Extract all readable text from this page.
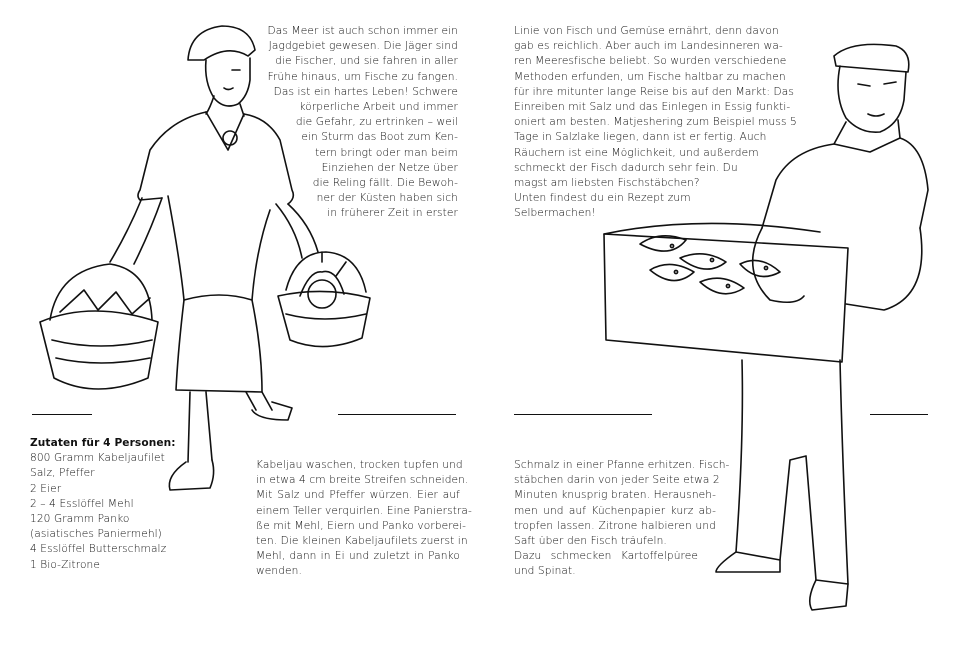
Das Meer ist auch schon immer ein
Jagdgebiet gewesen. Die Jäger sind
die Fischer, und sie fahren in aller
Frühe hinaus, um Fische zu fangen.
Das ist ein hartes Leben! Schwere
körperliche Arbeit und immer
die Gefahr, zu ertrinken – weil
ein Sturm das Boot zum Ken-
tern bringt oder man beim
Einziehen der Netze über
die Reling fällt. Die Bewoh-
ner der Küsten haben sich
in früherer Zeit in erster
Zutaten für 4 Personen:
800 Gramm Kabeljaufilet
Salz, Pfeffer
2 Eier
2 – 4 Esslöffel Mehl
120 Gramm Panko
(asiatisches Paniermehl)
4 Esslöffel Butterschmalz
1 Bio-Zitrone
Kabeljau waschen, trocken tupfen und
in etwa 4 cm breite Streifen schneiden.
Mit Salz und Pfeffer würzen. Eier auf
einem Teller verquirlen. Eine Panierstra-
ße mit Mehl, Eiern und Panko vorberei-
ten. Die kleinen Kabeljaufilets zuerst in
Mehl, dann in Ei und zuletzt in Panko
wenden.
Linie von Fisch und Gemüse ernährt, denn davon
gab es reichlich. Aber auch im Landesinneren wa-
ren Meeresfische beliebt. So wurden verschiedene
Methoden erfunden, um Fische haltbar zu machen
für ihre mitunter lange Reise bis auf den Markt: Das
Einreiben mit Salz und das Einlegen in Essig funkti-
oniert am besten. Matjeshering zum Beispiel muss 5
Tage in Salzlake liegen, dann ist er fertig. Auch
Räuchern ist eine Möglichkeit, und außerdem
schmeckt der Fisch dadurch sehr fein. Du
magst am liebsten Fischstäbchen?
Unten findest du ein Rezept zum
Selbermachen!
Schmalz in einer Pfanne erhitzen. Fisch-
stäbchen darin von jeder Seite etwa 2
Minuten knusprig braten. Herausneh-
men und auf Küchenpapier kurz ab-
tropfen lassen. Zitrone halbieren und
Saft über den Fisch träufeln.
Dazu schmecken Kartoffelpüree
und Spinat.
